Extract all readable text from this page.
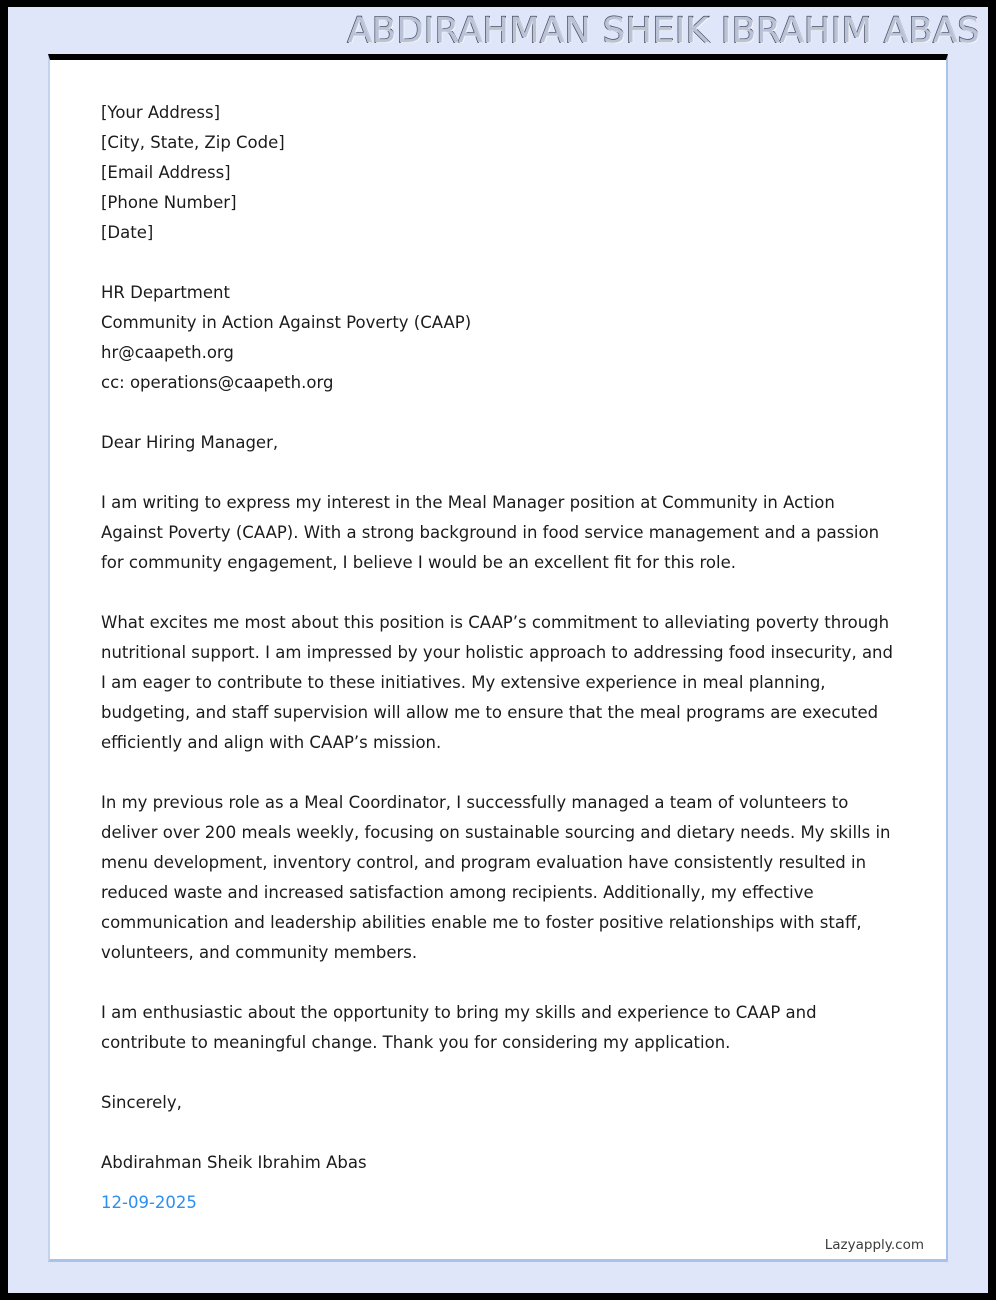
ABDIRAHMAN SHEIK IBRAHIM ABAS
[Your Address]
[City, State, Zip Code]
[Email Address]
[Phone Number]
[Date]
HR Department
Community in Action Against Poverty (CAAP)
hr@caapeth.org
cc: operations@caapeth.org

Dear Hiring Manager,

I am writing to express my interest in the Meal Manager position at Community in Action Against Poverty (CAAP). With a strong background in food service management and a passion for community engagement, I believe I would be an excellent fit for this role.

What excites me most about this position is CAAP’s commitment to alleviating poverty through nutritional support. I am impressed by your holistic approach to addressing food insecurity, and I am eager to contribute to these initiatives. My extensive experience in meal planning, budgeting, and staff supervision will allow me to ensure that the meal programs are executed efficiently and align with CAAP’s mission.

In my previous role as a Meal Coordinator, I successfully managed a team of volunteers to deliver over 200 meals weekly, focusing on sustainable sourcing and dietary needs. My skills in menu development, inventory control, and program evaluation have consistently resulted in reduced waste and increased satisfaction among recipients. Additionally, my effective communication and leadership abilities enable me to foster positive relationships with staff, volunteers, and community members.

I am enthusiastic about the opportunity to bring my skills and experience to CAAP and contribute to meaningful change. Thank you for considering my application.

Sincerely,

Abdirahman Sheik Ibrahim Abas

12-09-2025

Lazyapply.com
